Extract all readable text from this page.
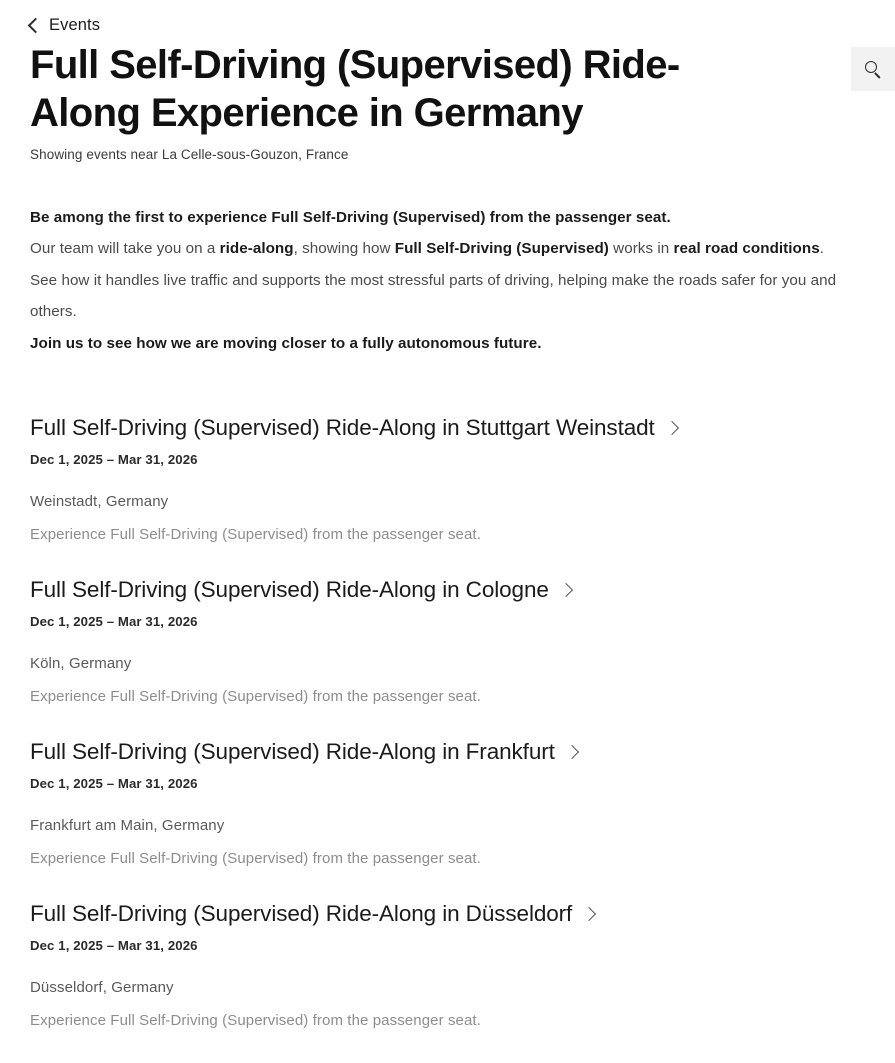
Events
Full Self-Driving (Supervised) Ride-Along Experience in Germany
Showing events near La Celle-sous-Gouzon, France
Be among the first to experience Full Self-Driving (Supervised) from the passenger seat.
Our team will take you on a ride-along, showing how Full Self-Driving (Supervised) works in real road conditions.
See how it handles live traffic and supports the most stressful parts of driving, helping make the roads safer for you and others.
Join us to see how we are moving closer to a fully autonomous future.
Full Self-Driving (Supervised) Ride-Along in Stuttgart Weinstadt
Dec 1, 2025 – Mar 31, 2026
Weinstadt, Germany
Experience Full Self-Driving (Supervised) from the passenger seat.
Full Self-Driving (Supervised) Ride-Along in Cologne
Dec 1, 2025 – Mar 31, 2026
Köln, Germany
Experience Full Self-Driving (Supervised) from the passenger seat.
Full Self-Driving (Supervised) Ride-Along in Frankfurt
Dec 1, 2025 – Mar 31, 2026
Frankfurt am Main, Germany
Experience Full Self-Driving (Supervised) from the passenger seat.
Full Self-Driving (Supervised) Ride-Along in Düsseldorf
Dec 1, 2025 – Mar 31, 2026
Düsseldorf, Germany
Experience Full Self-Driving (Supervised) from the passenger seat.
